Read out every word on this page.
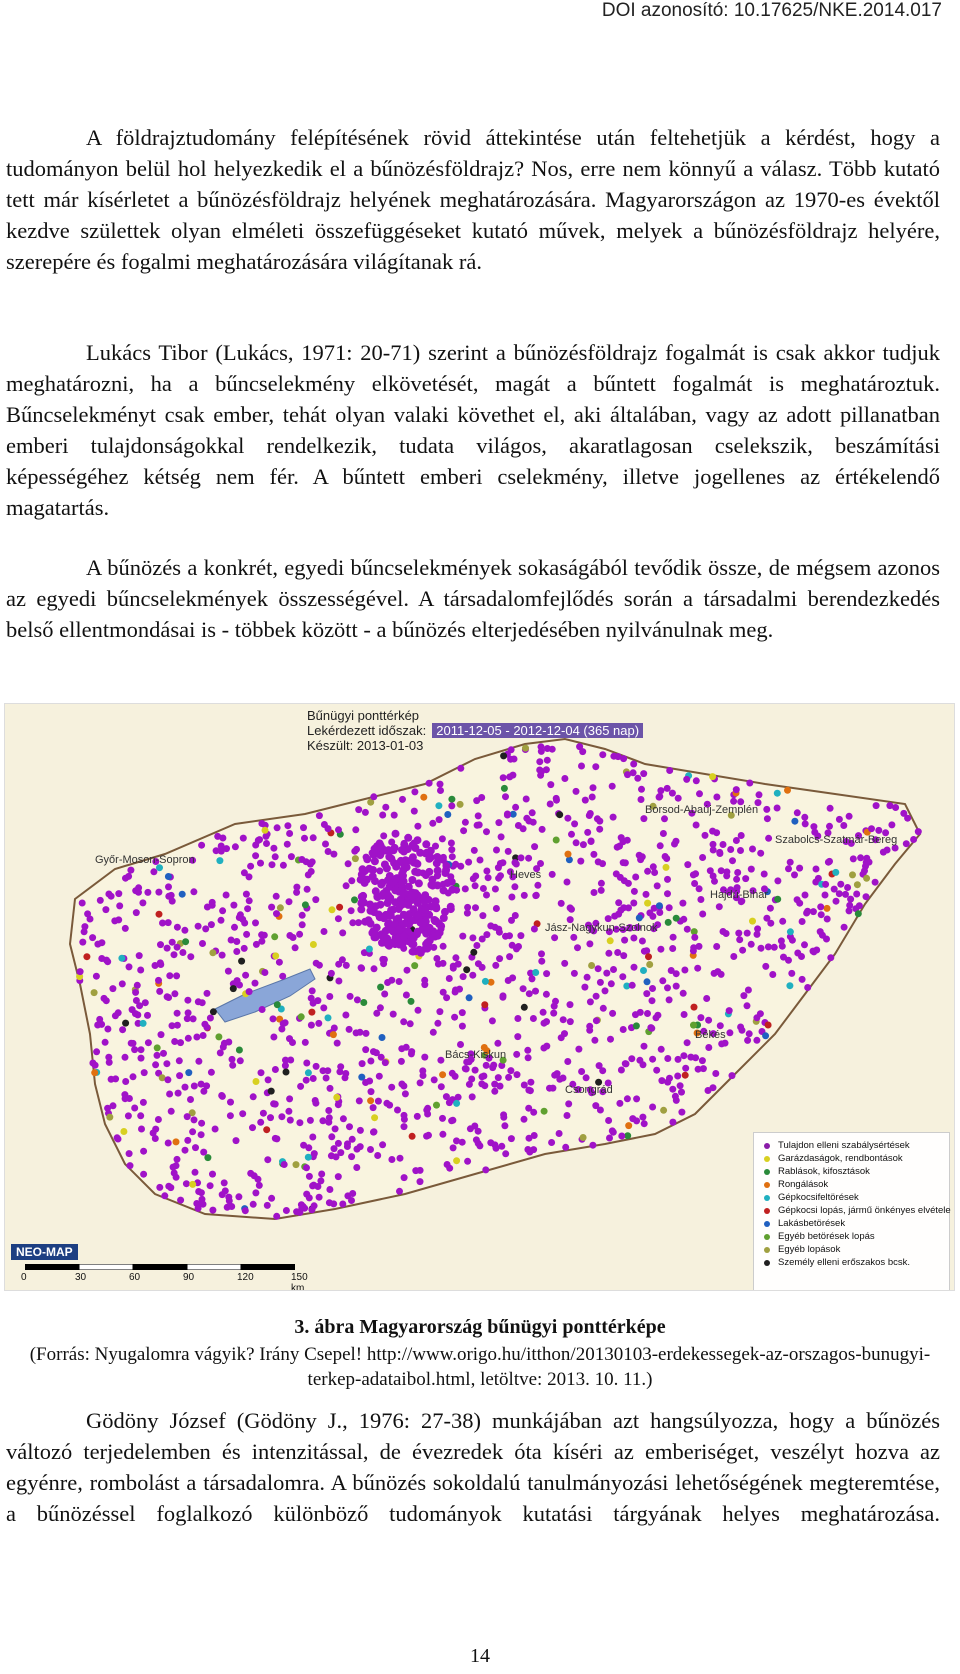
DOI azonosító: 10.17625/NKE.2014.017

A földrajztudomány felépítésének rövid áttekintése után feltehetjük a kérdést, hogy a tudományon belül hol helyezkedik el a bűnözésföldrajz? Nos, erre nem könnyű a válasz. Több kutató tett már kísérletet a bűnözésföldrajz helyének meghatározására. Magyarországon az 1970-es évektől kezdve születtek olyan elméleti összefüggéseket kutató művek, melyek a bűnözésföldrajz helyére, szerepére és fogalmi meghatározására világítanak rá.

Lukács Tibor (Lukács, 1971: 20-71) szerint a bűnözésföldrajz fogalmát is csak akkor tudjuk meghatározni, ha a bűncselekmény elkövetését, magát a bűntett fogalmát is meghatároztuk. Bűncselekményt csak ember, tehát olyan valaki követhet el, aki általában, vagy az adott pillanatban emberi tulajdonságokkal rendelkezik, tudata világos, akaratlagosan cselekszik, beszámítási képességéhez kétség nem fér. A bűntett emberi cselekmény, illetve jogellenes az értékelendő magatartás.

A bűnözés a konkrét, egyedi bűncselekmények sokaságából tevődik össze, de mégsem azonos az egyedi bűncselekmények összességével. A társadalomfejlődés során a társadalmi berendezkedés belső ellentmondásai is - többek között - a bűnözés elterjedésében nyilvánulnak meg.

Bűnügyi ponttérkép
Lekérdezett időszak: 2011-12-05 - 2012-12-04 (365 nap)
Készült: 2013-01-03
Győr-Moson-Sopron
Heves
Borsod-Abaúj-Zemplén
Hajdú-Bihar
Jász-Nagykun-Szolnok
Békés
Bács-Kiskun
Csongrád
Szabolcs-Szatmár-Bereg
Tulajdon elleni szabálysértések
Garázdaságok, rendbontások
Rablások, kifosztások
Rongálások
Gépkocsifeltörések
Gépkocsi lopás, jármű önkényes elvétele
Lakásbetörések
Egyéb betörések lopás
Egyéb lopások
Személy elleni erőszakos bcsk.
NEO-MAP
0	30	60	90	120	150 km
3. ábra Magyarország bűnügyi ponttérképe
(Forrás: Nyugalomra vágyik? Irány Csepel! http://www.origo.hu/itthon/20130103-erdekessegek-az-orszagos-bunugyi-terkep-adataibol.html, letöltve: 2013. 10. 11.)

Gödöny József (Gödöny J., 1976: 27-38) munkájában azt hangsúlyozza, hogy a bűnözés változó terjedelemben és intenzitással, de évezredek óta kíséri az emberiséget, veszélyt hozva az egyénre, rombolást a társadalomra. A bűnözés sokoldalú tanulmányozási lehetőségének megteremtése, a bűnözéssel foglalkozó különböző tudományok kutatási tárgyának helyes meghatározása.

14
